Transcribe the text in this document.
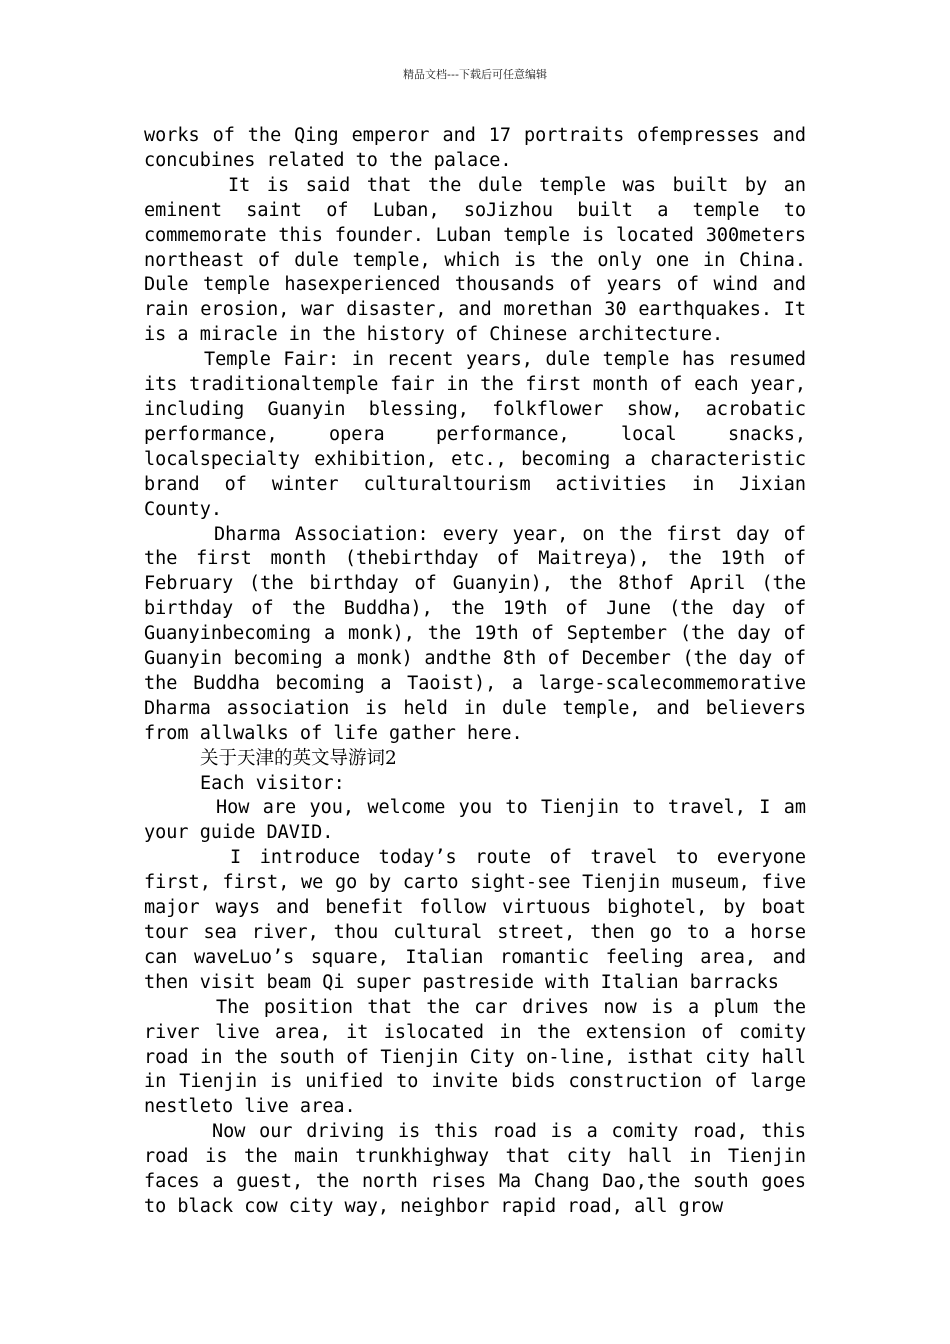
精品文档---下载后可任意编辑

works of the Qing emperor and 17 portraits ofempresses and concubines related to the palace.

It is said that the dule temple was built by an eminent saint of Luban, soJizhou built a temple to commemorate this founder. Luban temple is located 300meters northeast of dule temple, which is the only one in China. Dule temple hasexperienced thousands of years of wind and rain erosion, war disaster, and morethan 30 earthquakes. It is a miracle in the history of Chinese architecture.

Temple Fair: in recent years, dule temple has resumed its traditionaltemple fair in the first month of each year, including Guanyin blessing, folkflower show, acrobatic performance, opera performance, local snacks, localspecialty exhibition, etc., becoming a characteristic brand of winter culturaltourism activities in Jixian County.

Dharma Association: every year, on the first day of the first month (thebirthday of Maitreya), the 19th of February (the birthday of Guanyin), the 8thof April (the birthday of the Buddha), the 19th of June (the day of Guanyinbecoming a monk), the 19th of September (the day of Guanyin becoming a monk) andthe 8th of December (the day of the Buddha becoming a Taoist), a large-scalecommemorative Dharma association is held in dule temple, and believers from allwalks of life gather here.

关于天津的英文导游词2

Each visitor:

How are you, welcome you to Tienjin to travel, I am your guide DAVID.

I introduce today’s route of travel to everyone first, first, we go by carto sight-see Tienjin museum, five major ways and benefit follow virtuous bighotel, by boat tour sea river, thou cultural street, then go to a horse can waveLuo’s square, Italian romantic feeling area, and then visit beam Qi super pastreside with Italian barracks

The position that the car drives now is a plum the river live area, it islocated in the extension of comity road in the south of Tienjin City on-line, isthat city hall in Tienjin is unified to invite bids construction of large nestleto live area.

Now our driving is this road is a comity road, this road is the main trunkhighway that city hall in Tienjin faces a guest, the north rises Ma Chang Dao,the south goes to black cow city way, neighbor rapid road, all grow
